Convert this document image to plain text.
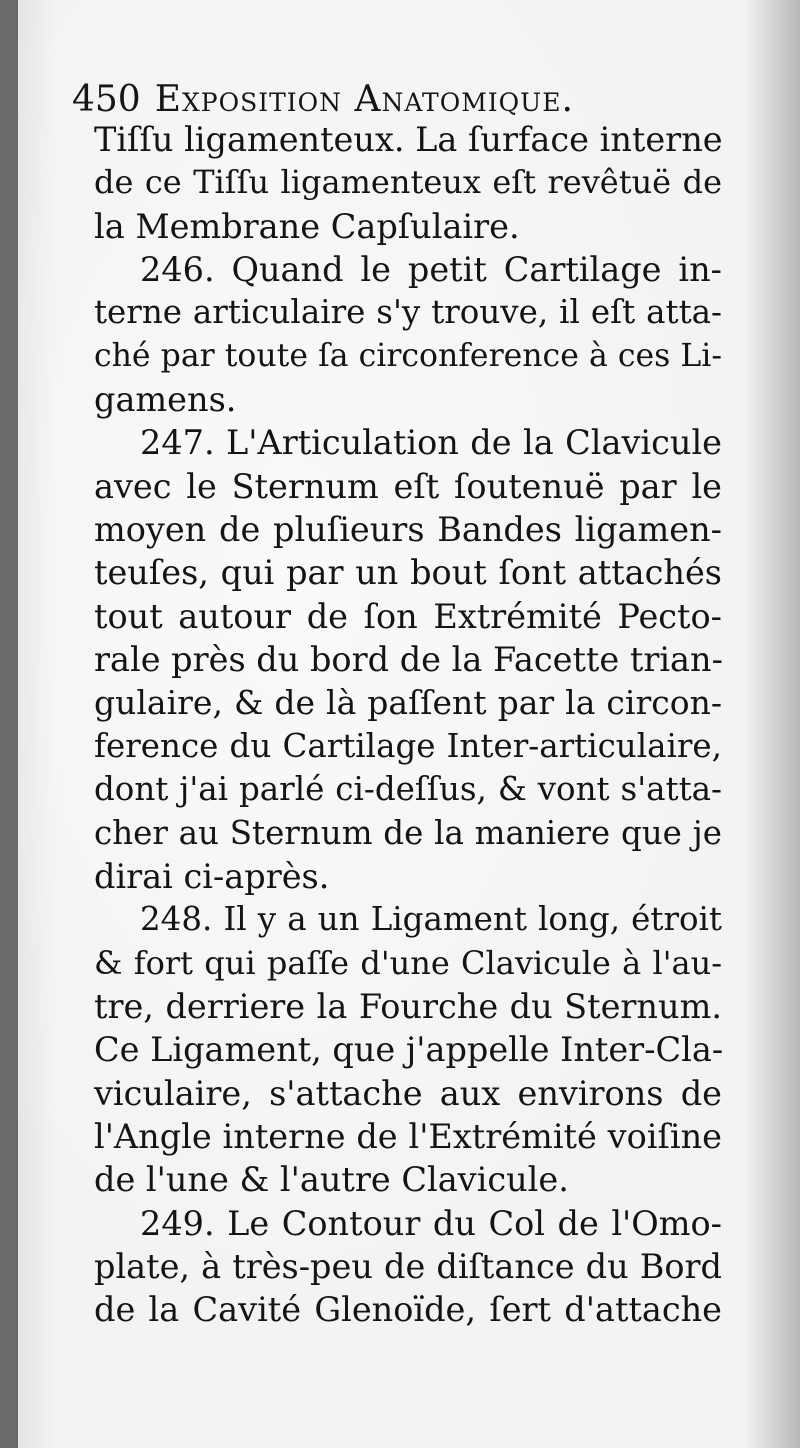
450 Exposition Anatomique.
Tiſſu ligamenteux. La ſurface interne
de ce Tiſſu ligamenteux eſt revêtuë de
la Membrane Capſulaire.
246. Quand le petit Cartilage in-
terne articulaire s'y trouve, il eſt atta-
ché par toute ſa circonference à ces Li-
gamens.
247. L'Articulation de la Clavicule
avec le Sternum eſt ſoutenuë par le
moyen de pluſieurs Bandes ligamen-
teuſes, qui par un bout ſont attachés
tout autour de ſon Extrémité Pecto-
rale près du bord de la Facette trian-
gulaire, & de là paſſent par la circon-
ference du Cartilage Inter-articulaire,
dont j'ai parlé ci-deſſus, & vont s'atta-
cher au Sternum de la maniere que je
dirai ci-après.
248. Il y a un Ligament long, étroit
& fort qui paſſe d'une Clavicule à l'au-
tre, derriere la Fourche du Sternum.
Ce Ligament, que j'appelle Inter-Cla-
viculaire, s'attache aux environs de
l'Angle interne de l'Extrémité voiſine
de l'une & l'autre Clavicule.
249. Le Contour du Col de l'Omo-
plate, à très-peu de diſtance du Bord
de la Cavité Glenoïde, ſert d'attache
